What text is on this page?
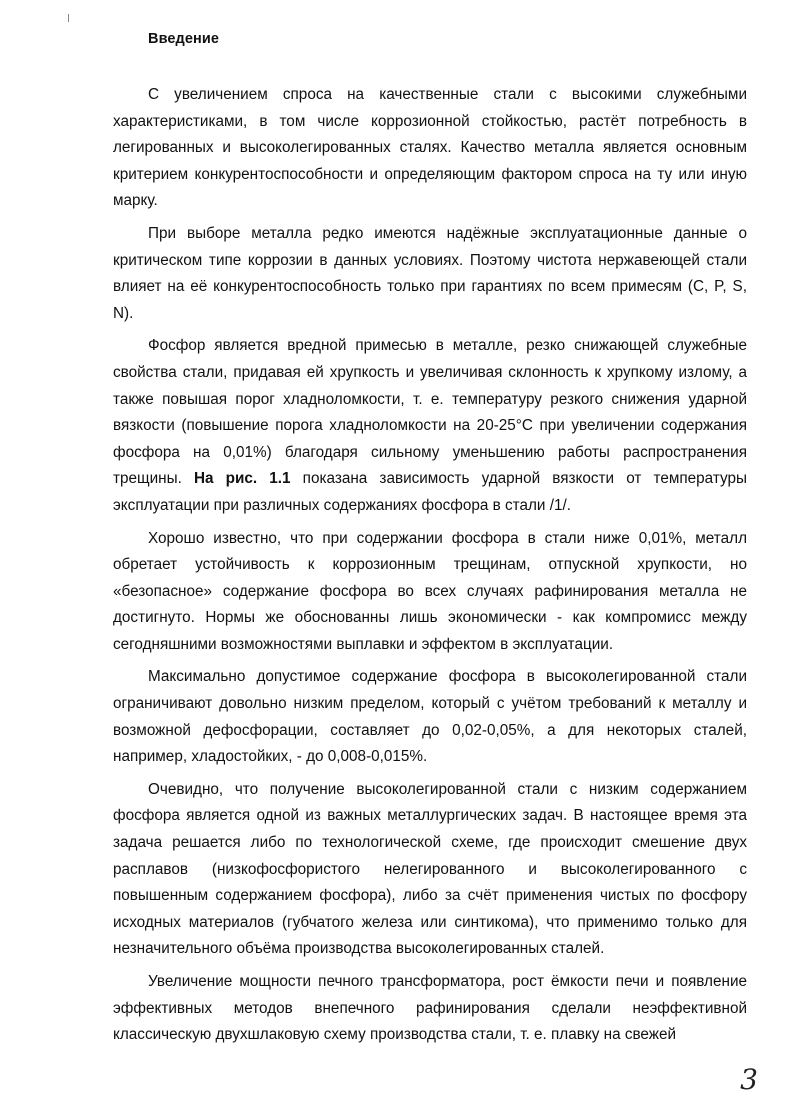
Введение

С увеличением спроса на качественные стали с высокими служебными характеристиками, в том числе коррозионной стойкостью, растёт потребность в легированных и высоколегированных сталях. Качество металла является основным критерием конкурентоспособности и определяющим фактором спроса на ту или иную марку.

При выборе металла редко имеются надёжные эксплуатационные данные о критическом типе коррозии в данных условиях. Поэтому чистота нержавеющей стали влияет на её конкурентоспособность только при гарантиях по всем примесям (C, P, S, N).

Фосфор является вредной примесью в металле, резко снижающей служебные свойства стали, придавая ей хрупкость и увеличивая склонность к хрупкому излому, а также повышая порог хладноломкости, т. е. температуру резкого снижения ударной вязкости (повышение порога хладноломкости на 20-25°С при увеличении содержания фосфора на 0,01%) благодаря сильному уменьшению работы распространения трещины. На рис. 1.1 показана зависимость ударной вязкости от температуры эксплуатации при различных содержаниях фосфора в стали /1/.

Хорошо известно, что при содержании фосфора в стали ниже 0,01%, металл обретает устойчивость к коррозионным трещинам, отпускной хрупкости, но «безопасное» содержание фосфора во всех случаях рафинирования металла не достигнуто. Нормы же обоснованны лишь экономически - как компромисс между сегодняшними возможностями выплавки и эффектом в эксплуатации.

Максимально допустимое содержание фосфора в высоколегированной стали ограничивают довольно низким пределом, который с учётом требований к металлу и возможной дефосфорации, составляет до 0,02-0,05%, а для некоторых сталей, например, хладостойких, - до 0,008-0,015%.

Очевидно, что получение высоколегированной стали с низким содержанием фосфора является одной из важных металлургических задач. В настоящее время эта задача решается либо по технологической схеме, где происходит смешение двух расплавов (низкофосфористого нелегированного и высоколегированного с повышенным содержанием фосфора), либо за счёт применения чистых по фосфору исходных материалов (губчатого железа или синтикома), что применимо только для незначительного объёма производства высоколегированных сталей.

Увеличение мощности печного трансформатора, рост ёмкости печи и появление эффективных методов внепечного рафинирования сделали неэффективной классическую двухшлаковую схему производства стали, т. е. плавку на свежей

3
